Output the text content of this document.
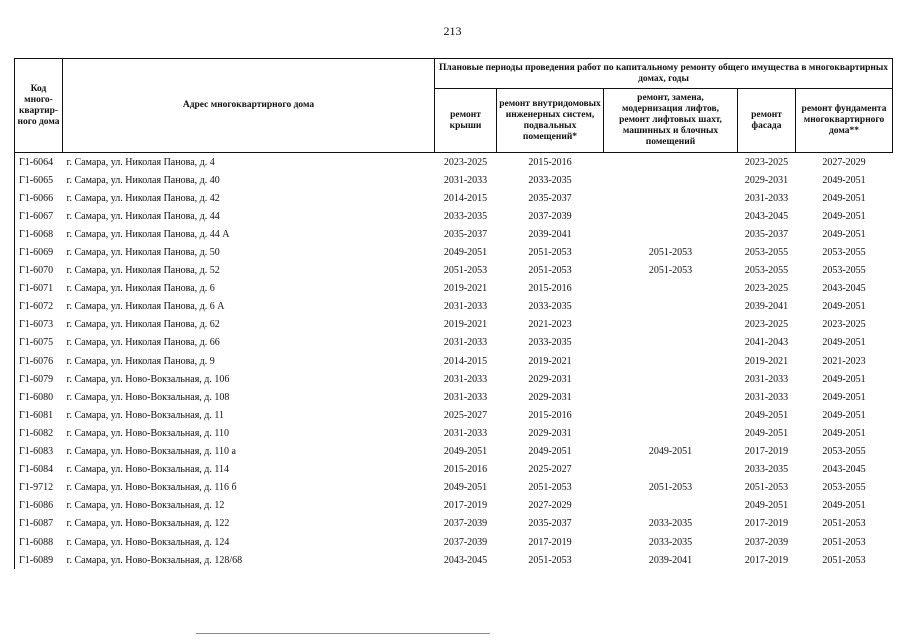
213
Код много-квартир-ного дома	Адрес многоквартирного дома	Плановые периоды проведения работ по капитальному ремонту общего имущества в многоквартирных домах, годы				
		ремонт крыши	ремонт внутридомовых инженерных систем, подвальных помещений*	ремонт, замена, модернизация лифтов, ремонт лифтовых шахт, машинных и блочных помещений	ремонт фасада	ремонт фундамента многоквартирного дома**
Г1-6064	г. Самара, ул. Николая Панова, д. 4	2023-2025	2015-2016		2023-2025	2027-2029
Г1-6065	г. Самара, ул. Николая Панова, д. 40	2031-2033	2033-2035		2029-2031	2049-2051
Г1-6066	г. Самара, ул. Николая Панова, д. 42	2014-2015	2035-2037		2031-2033	2049-2051
Г1-6067	г. Самара, ул. Николая Панова, д. 44	2033-2035	2037-2039		2043-2045	2049-2051
Г1-6068	г. Самара, ул. Николая Панова, д. 44 А	2035-2037	2039-2041		2035-2037	2049-2051
Г1-6069	г. Самара, ул. Николая Панова, д. 50	2049-2051	2051-2053	2051-2053	2053-2055	2053-2055
Г1-6070	г. Самара, ул. Николая Панова, д. 52	2051-2053	2051-2053	2051-2053	2053-2055	2053-2055
Г1-6071	г. Самара, ул. Николая Панова, д. 6	2019-2021	2015-2016		2023-2025	2043-2045
Г1-6072	г. Самара, ул. Николая Панова, д. 6 А	2031-2033	2033-2035		2039-2041	2049-2051
Г1-6073	г. Самара, ул. Николая Панова, д. 62	2019-2021	2021-2023		2023-2025	2023-2025
Г1-6075	г. Самара, ул. Николая Панова, д. 66	2031-2033	2033-2035		2041-2043	2049-2051
Г1-6076	г. Самара, ул. Николая Панова, д. 9	2014-2015	2019-2021		2019-2021	2021-2023
Г1-6079	г. Самара, ул. Ново-Вокзальная, д. 106	2031-2033	2029-2031		2031-2033	2049-2051
Г1-6080	г. Самара, ул. Ново-Вокзальная, д. 108	2031-2033	2029-2031		2031-2033	2049-2051
Г1-6081	г. Самара, ул. Ново-Вокзальная, д. 11	2025-2027	2015-2016		2049-2051	2049-2051
Г1-6082	г. Самара, ул. Ново-Вокзальная, д. 110	2031-2033	2029-2031		2049-2051	2049-2051
Г1-6083	г. Самара, ул. Ново-Вокзальная, д. 110 а	2049-2051	2049-2051	2049-2051	2017-2019	2053-2055
Г1-6084	г. Самара, ул. Ново-Вокзальная, д. 114	2015-2016	2025-2027		2033-2035	2043-2045
Г1-9712	г. Самара, ул. Ново-Вокзальная, д. 116 б	2049-2051	2051-2053	2051-2053	2051-2053	2053-2055
Г1-6086	г. Самара, ул. Ново-Вокзальная, д. 12	2017-2019	2027-2029		2049-2051	2049-2051
Г1-6087	г. Самара, ул. Ново-Вокзальная, д. 122	2037-2039	2035-2037	2033-2035	2017-2019	2051-2053
Г1-6088	г. Самара, ул. Ново-Вокзальная, д. 124	2037-2039	2017-2019	2033-2035	2037-2039	2051-2053
Г1-6089	г. Самара, ул. Ново-Вокзальная, д. 128/68	2043-2045	2051-2053	2039-2041	2017-2019	2051-2053
